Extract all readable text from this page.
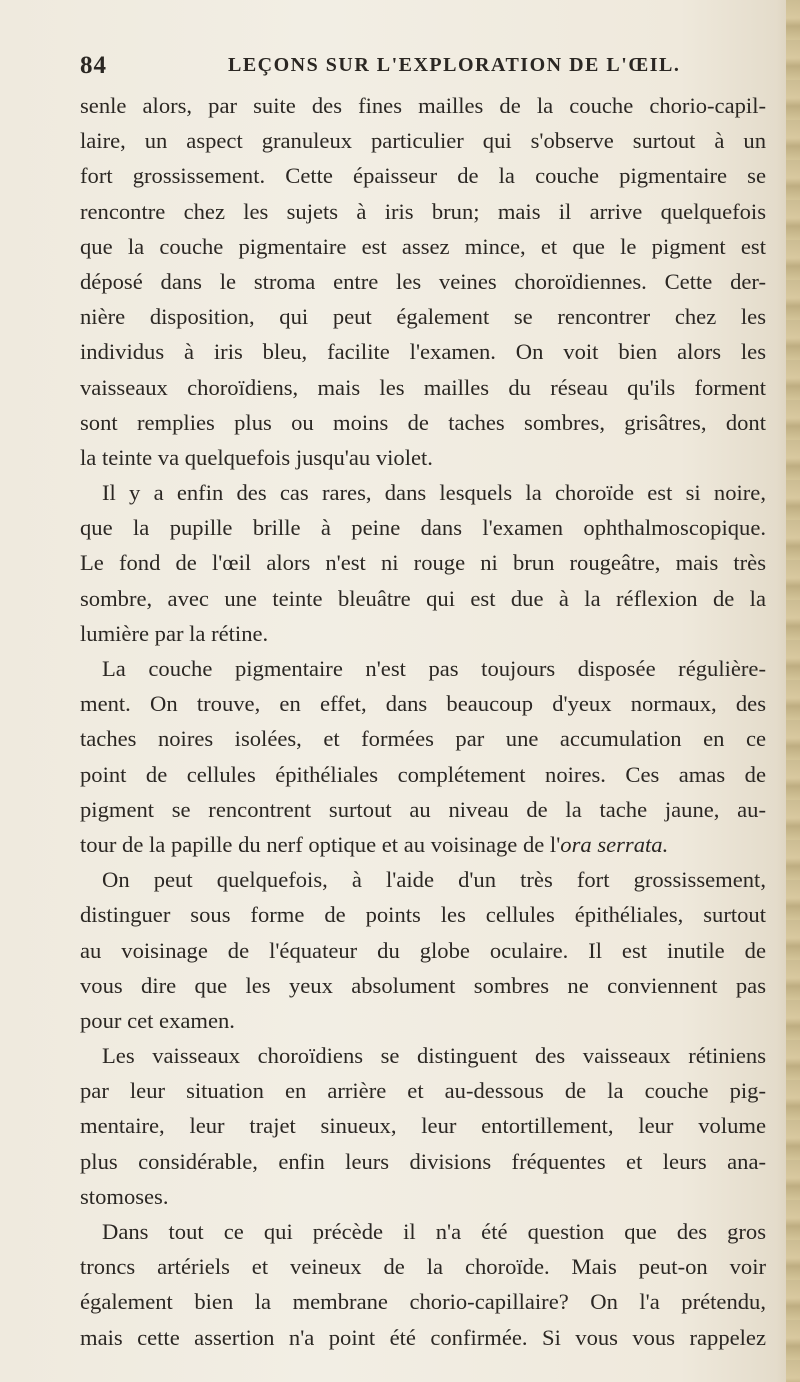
84	LEÇONS SUR L'EXPLORATION DE L'ŒIL.
senle alors, par suite des fines mailles de la couche chorio-capil-
laire, un aspect granuleux particulier qui s'observe surtout à un
fort grossissement. Cette épaisseur de la couche pigmentaire se
rencontre chez les sujets à iris brun; mais il arrive quelquefois
que la couche pigmentaire est assez mince, et que le pigment est
déposé dans le stroma entre les veines choroïdiennes. Cette der-
nière disposition, qui peut également se rencontrer chez les
individus à iris bleu, facilite l'examen. On voit bien alors les
vaisseaux choroïdiens, mais les mailles du réseau qu'ils forment
sont remplies plus ou moins de taches sombres, grisâtres, dont
la teinte va quelquefois jusqu'au violet.
Il y a enfin des cas rares, dans lesquels la choroïde est si noire,
que la pupille brille à peine dans l'examen ophthalmoscopique.
Le fond de l'œil alors n'est ni rouge ni brun rougeâtre, mais très
sombre, avec une teinte bleuâtre qui est due à la réflexion de la
lumière par la rétine.
La couche pigmentaire n'est pas toujours disposée régulière-
ment. On trouve, en effet, dans beaucoup d'yeux normaux, des
taches noires isolées, et formées par une accumulation en ce
point de cellules épithéliales complétement noires. Ces amas de
pigment se rencontrent surtout au niveau de la tache jaune, au-
tour de la papille du nerf optique et au voisinage de l'ora serrata.
On peut quelquefois, à l'aide d'un très fort grossissement,
distinguer sous forme de points les cellules épithéliales, surtout
au voisinage de l'équateur du globe oculaire. Il est inutile de
vous dire que les yeux absolument sombres ne conviennent pas
pour cet examen.
Les vaisseaux choroïdiens se distinguent des vaisseaux rétiniens
par leur situation en arrière et au-dessous de la couche pig-
mentaire, leur trajet sinueux, leur entortillement, leur volume
plus considérable, enfin leurs divisions fréquentes et leurs ana-
stomoses.
Dans tout ce qui précède il n'a été question que des gros
troncs artériels et veineux de la choroïde. Mais peut-on voir
également bien la membrane chorio-capillaire? On l'a prétendu,
mais cette assertion n'a point été confirmée. Si vous vous rappelez
